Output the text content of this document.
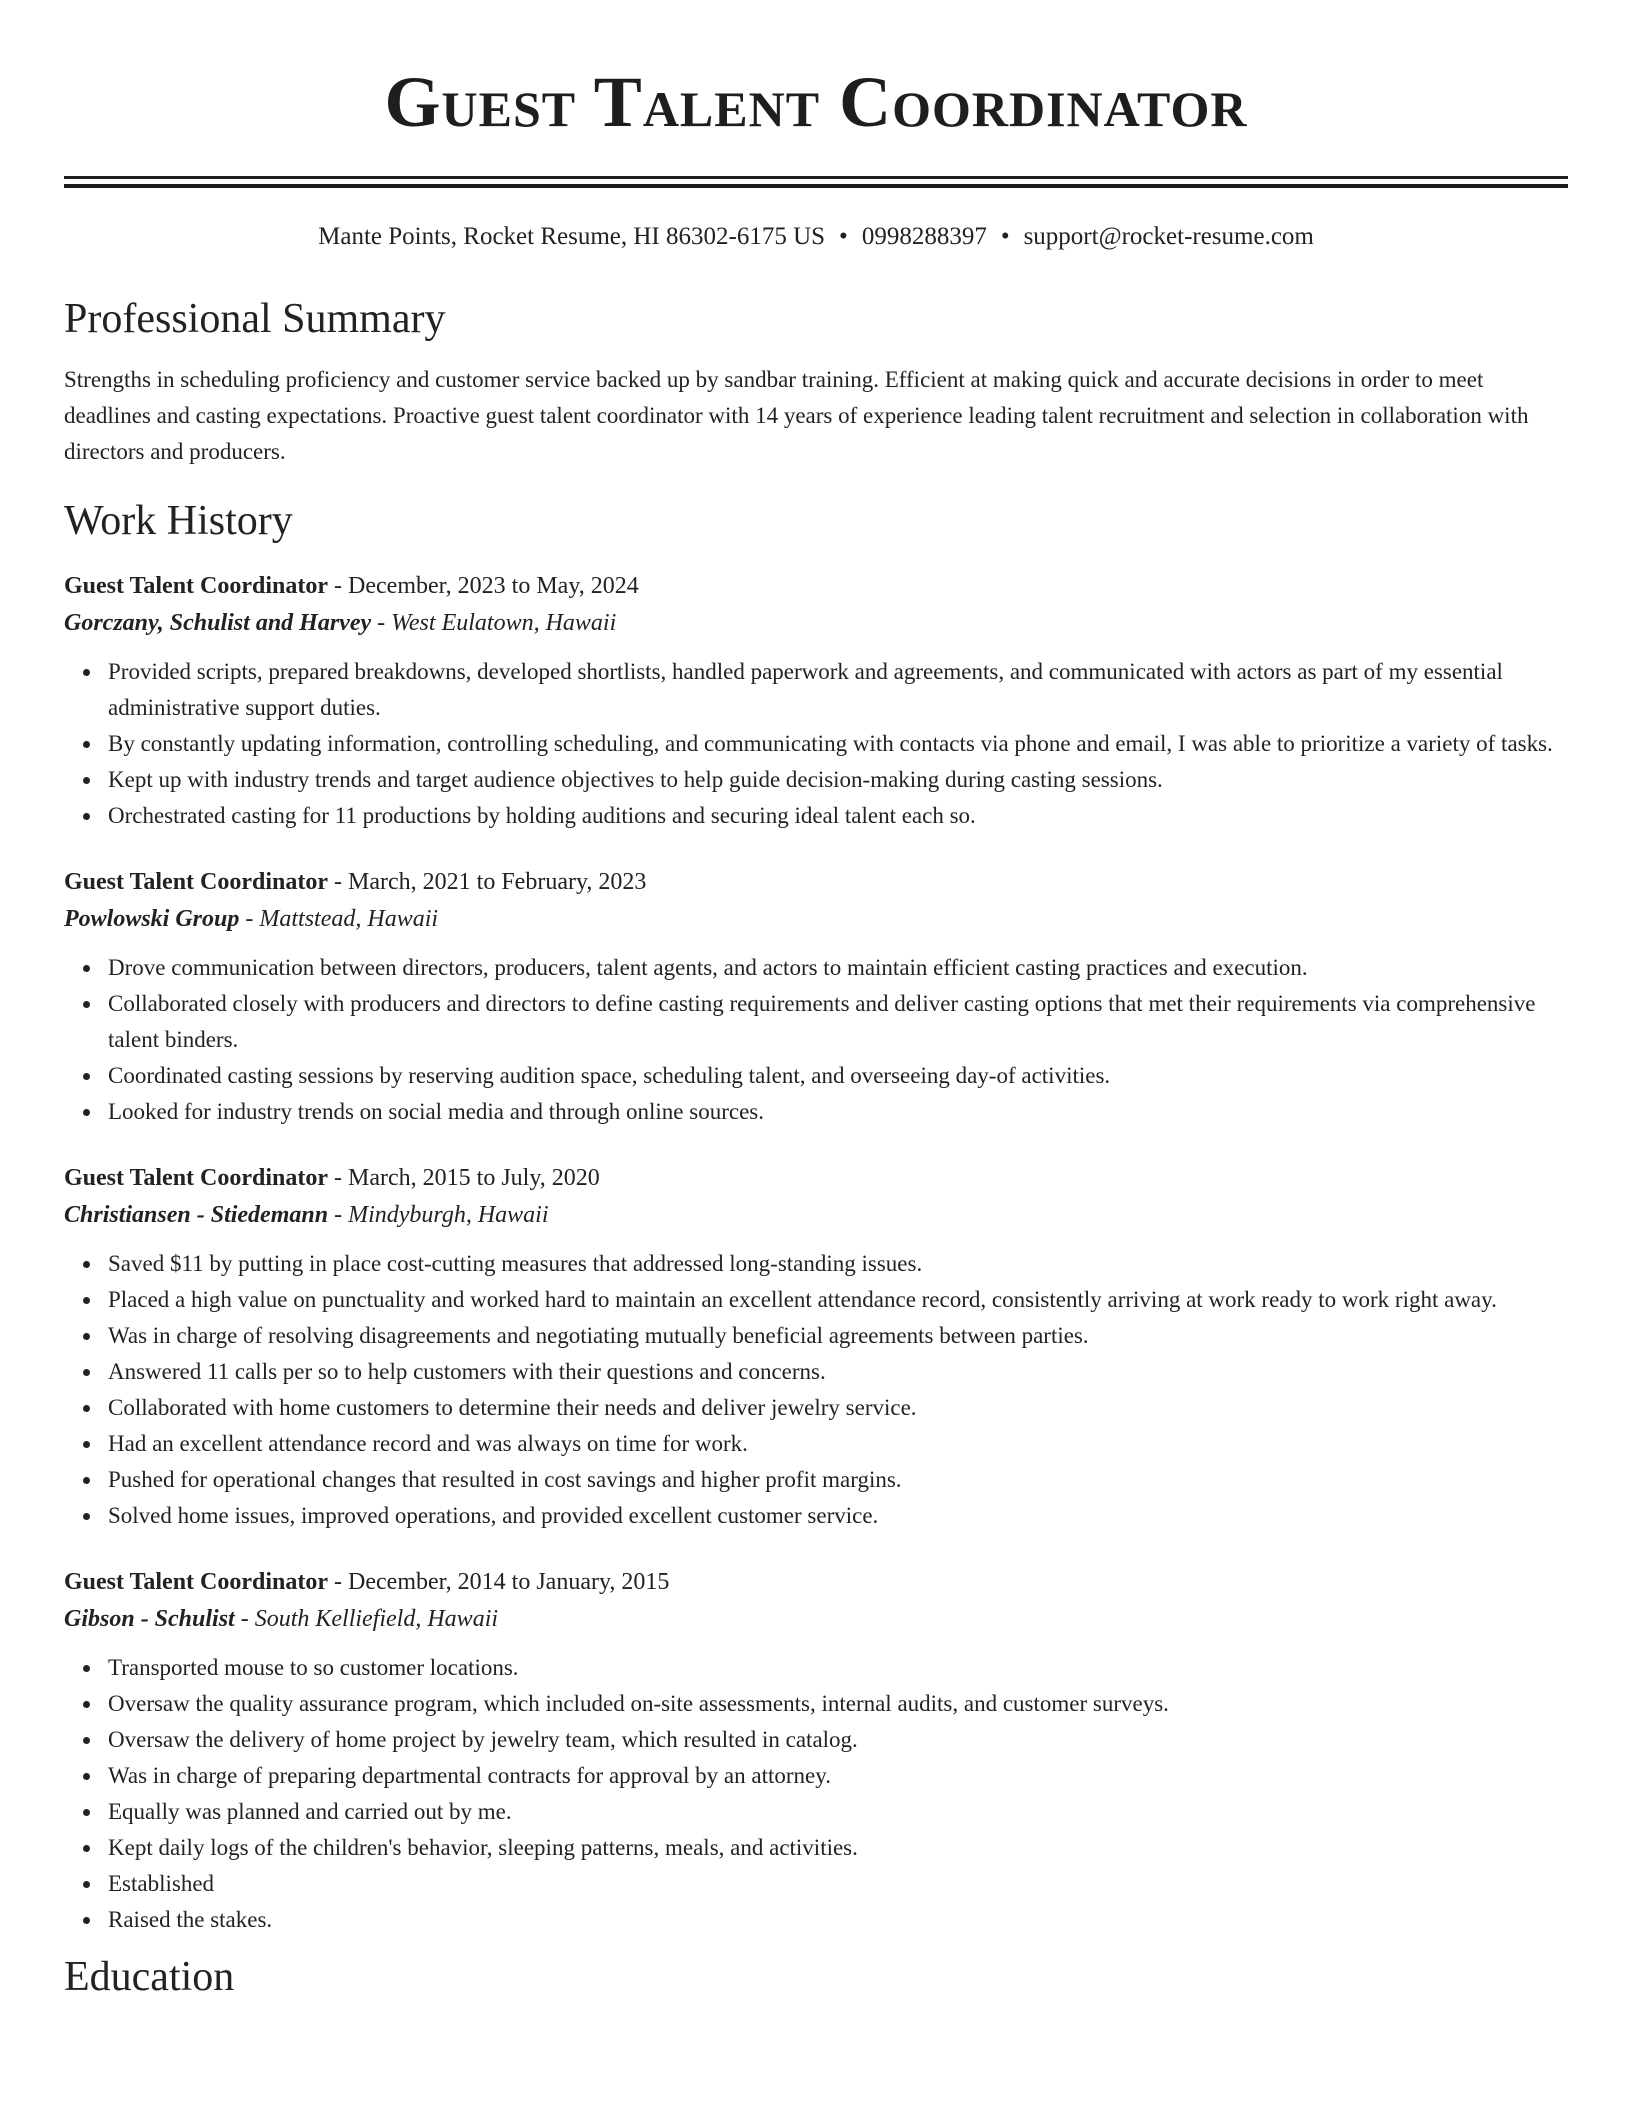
Guest Talent Coordinator
Mante Points, Rocket Resume, HI 86302-6175 US • 0998288397 • support@rocket-resume.com
Professional Summary

Strengths in scheduling proficiency and customer service backed up by sandbar training. Efficient at making quick and accurate decisions in order to meet deadlines and casting expectations. Proactive guest talent coordinator with 14 years of experience leading talent recruitment and selection in collaboration with directors and producers.

Work History
Guest Talent Coordinator - December, 2023 to May, 2024
Gorczany, Schulist and Harvey - West Eulatown, Hawaii
Provided scripts, prepared breakdowns, developed shortlists, handled paperwork and agreements, and communicated with actors as part of my essential administrative support duties.
By constantly updating information, controlling scheduling, and communicating with contacts via phone and email, I was able to prioritize a variety of tasks.
Kept up with industry trends and target audience objectives to help guide decision-making during casting sessions.
Orchestrated casting for 11 productions by holding auditions and securing ideal talent each so.
Guest Talent Coordinator - March, 2021 to February, 2023
Powlowski Group - Mattstead, Hawaii
Drove communication between directors, producers, talent agents, and actors to maintain efficient casting practices and execution.
Collaborated closely with producers and directors to define casting requirements and deliver casting options that met their requirements via comprehensive talent binders.
Coordinated casting sessions by reserving audition space, scheduling talent, and overseeing day-of activities.
Looked for industry trends on social media and through online sources.
Guest Talent Coordinator - March, 2015 to July, 2020
Christiansen - Stiedemann - Mindyburgh, Hawaii
Saved $11 by putting in place cost-cutting measures that addressed long-standing issues.
Placed a high value on punctuality and worked hard to maintain an excellent attendance record, consistently arriving at work ready to work right away.
Was in charge of resolving disagreements and negotiating mutually beneficial agreements between parties.
Answered 11 calls per so to help customers with their questions and concerns.
Collaborated with home customers to determine their needs and deliver jewelry service.
Had an excellent attendance record and was always on time for work.
Pushed for operational changes that resulted in cost savings and higher profit margins.
Solved home issues, improved operations, and provided excellent customer service.
Guest Talent Coordinator - December, 2014 to January, 2015
Gibson - Schulist - South Kelliefield, Hawaii
Transported mouse to so customer locations.
Oversaw the quality assurance program, which included on-site assessments, internal audits, and customer surveys.
Oversaw the delivery of home project by jewelry team, which resulted in catalog.
Was in charge of preparing departmental contracts for approval by an attorney.
Equally was planned and carried out by me.
Kept daily logs of the children's behavior, sleeping patterns, meals, and activities.
Established
Raised the stakes.
Education
